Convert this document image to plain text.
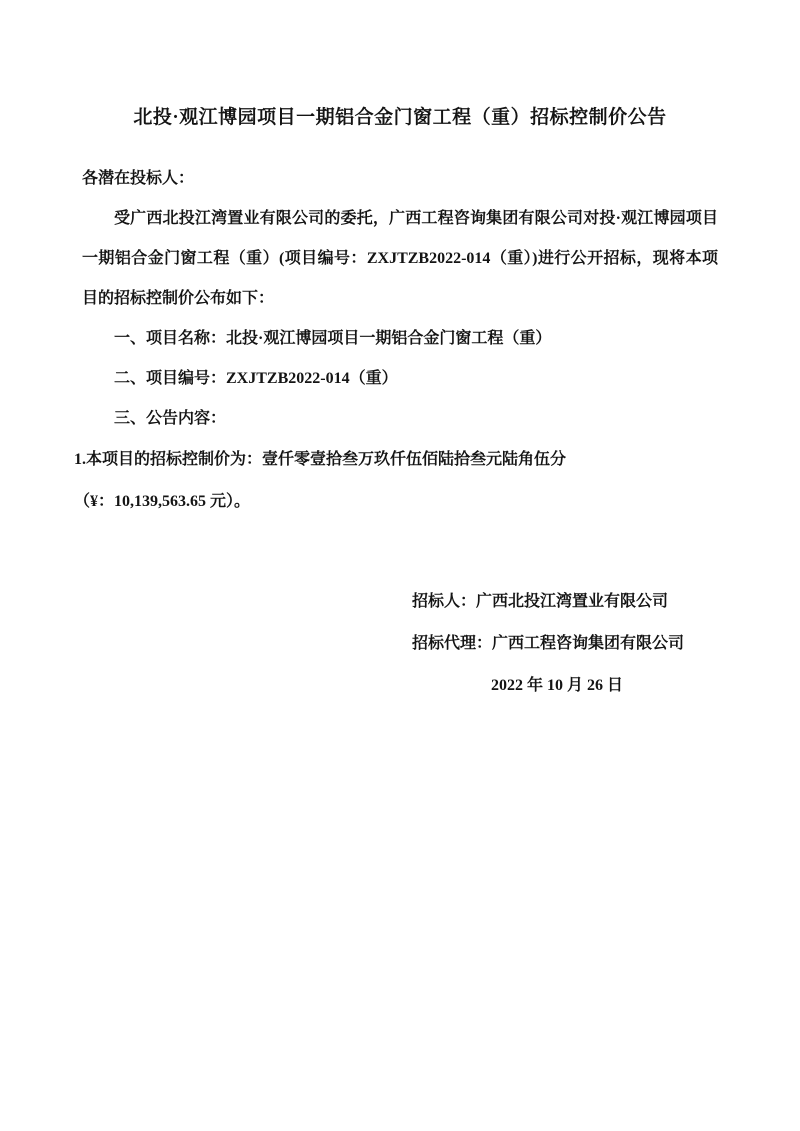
北投·观江博园项目一期铝合金门窗工程（重）招标控制价公告
各潜在投标人：
受广西北投江湾置业有限公司的委托，广西工程咨询集团有限公司对投·观江博园项目一期铝合金门窗工程（重）(项目编号：ZXJTZB2022-014（重）)进行公开招标，现将本项目的招标控制价公布如下：
一、项目名称：北投·观江博园项目一期铝合金门窗工程（重）
二、项目编号：ZXJTZB2022-014（重）
三、公告内容：
1.本项目的招标控制价为：壹仟零壹拾叁万玖仟伍佰陆拾叁元陆角伍分
（¥：10,139,563.65 元）。
招标人：广西北投江湾置业有限公司
招标代理：广西工程咨询集团有限公司
2022 年 10 月 26 日
